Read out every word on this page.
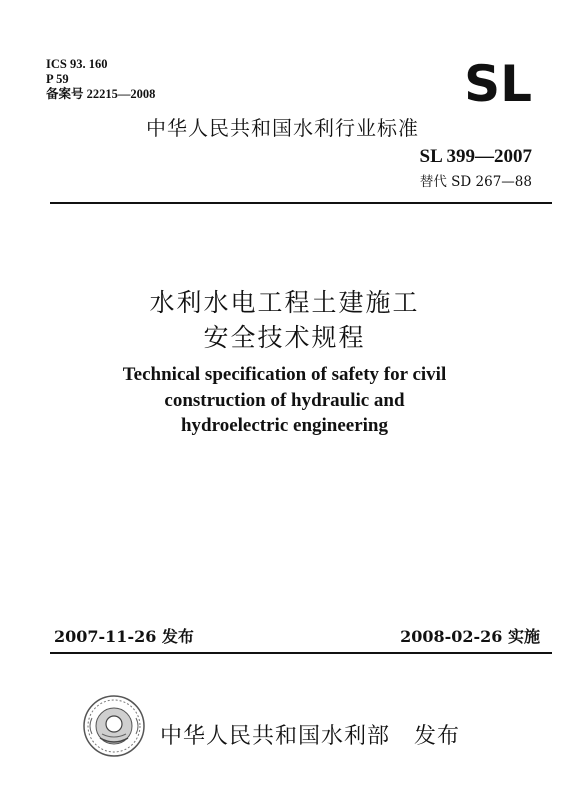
ICS 93. 160
P 59
备案号 22215—2008	SL
中华人民共和国水利行业标准
SL 399—2007
替代 SD 267—88
水利水电工程土建施工
安全技术规程
Technical specification of safety for civil
construction of hydraulic and
hydroelectric engineering
2007-11-26 发布	2008-02-26 实施
中华人民共和国水利部 发布
